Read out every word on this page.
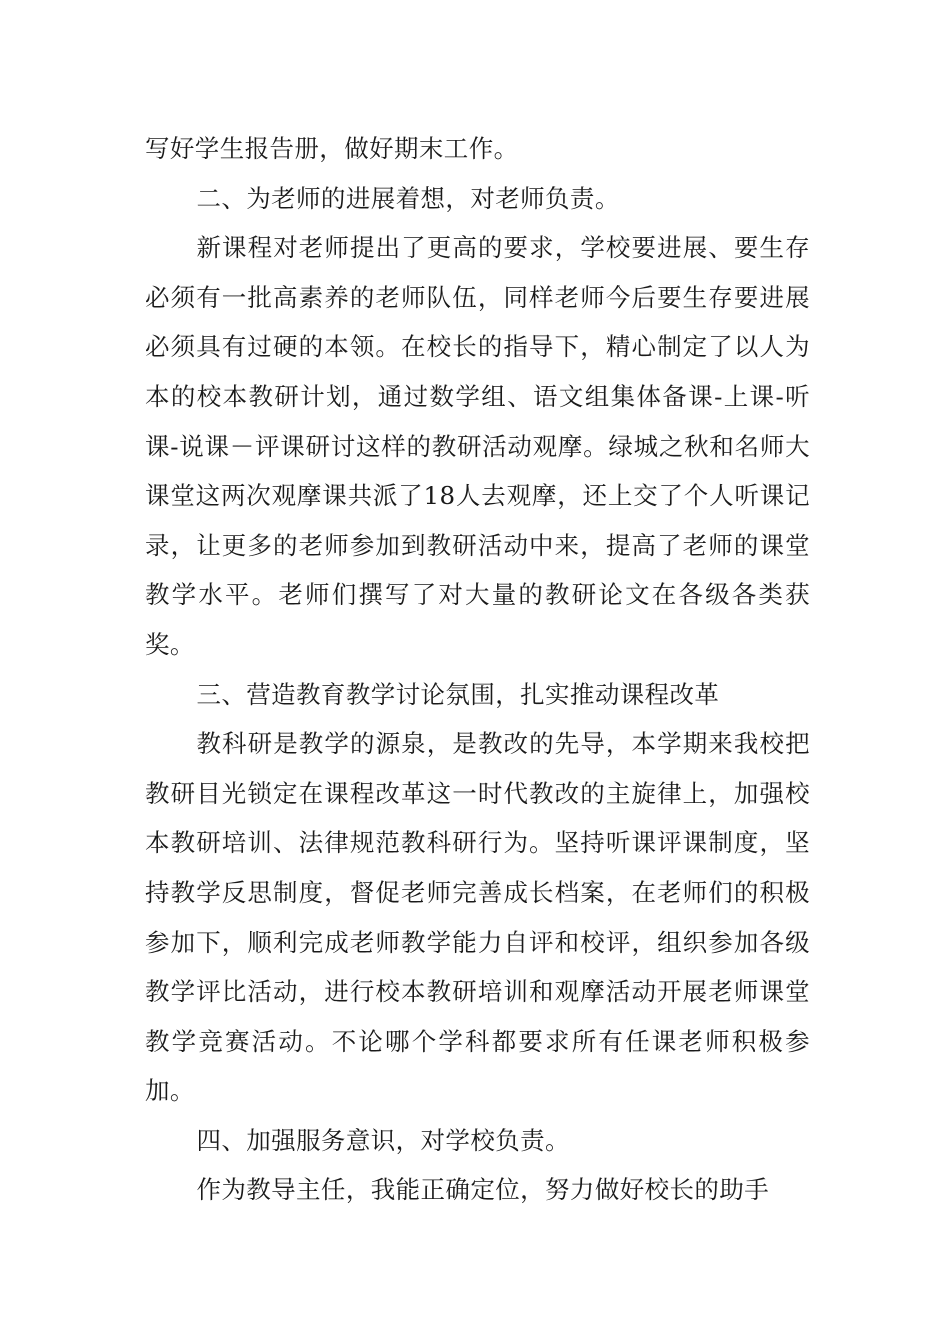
写好学生报告册，做好期末工作。

二、为老师的进展着想，对老师负责。

新课程对老师提出了更高的要求，学校要进展、要生存必须有一批高素养的老师队伍，同样老师今后要生存要进展必须具有过硬的本领。在校长的指导下，精心制定了以人为本的校本教研计划，通过数学组、语文组集体备课-上课-听课-说课－评课研讨这样的教研活动观摩。绿城之秋和名师大课堂这两次观摩课共派了18人去观摩，还上交了个人听课记录，让更多的老师参加到教研活动中来，提高了老师的课堂教学水平。老师们撰写了对大量的教研论文在各级各类获奖。

三、营造教育教学讨论氛围，扎实推动课程改革

教科研是教学的源泉，是教改的先导，本学期来我校把教研目光锁定在课程改革这一时代教改的主旋律上，加强校本教研培训、法律规范教科研行为。坚持听课评课制度，坚持教学反思制度，督促老师完善成长档案，在老师们的积极参加下，顺利完成老师教学能力自评和校评，组织参加各级教学评比活动，进行校本教研培训和观摩活动开展老师课堂教学竞赛活动。不论哪个学科都要求所有任课老师积极参加。

四、加强服务意识，对学校负责。

作为教导主任，我能正确定位，努力做好校长的助手
